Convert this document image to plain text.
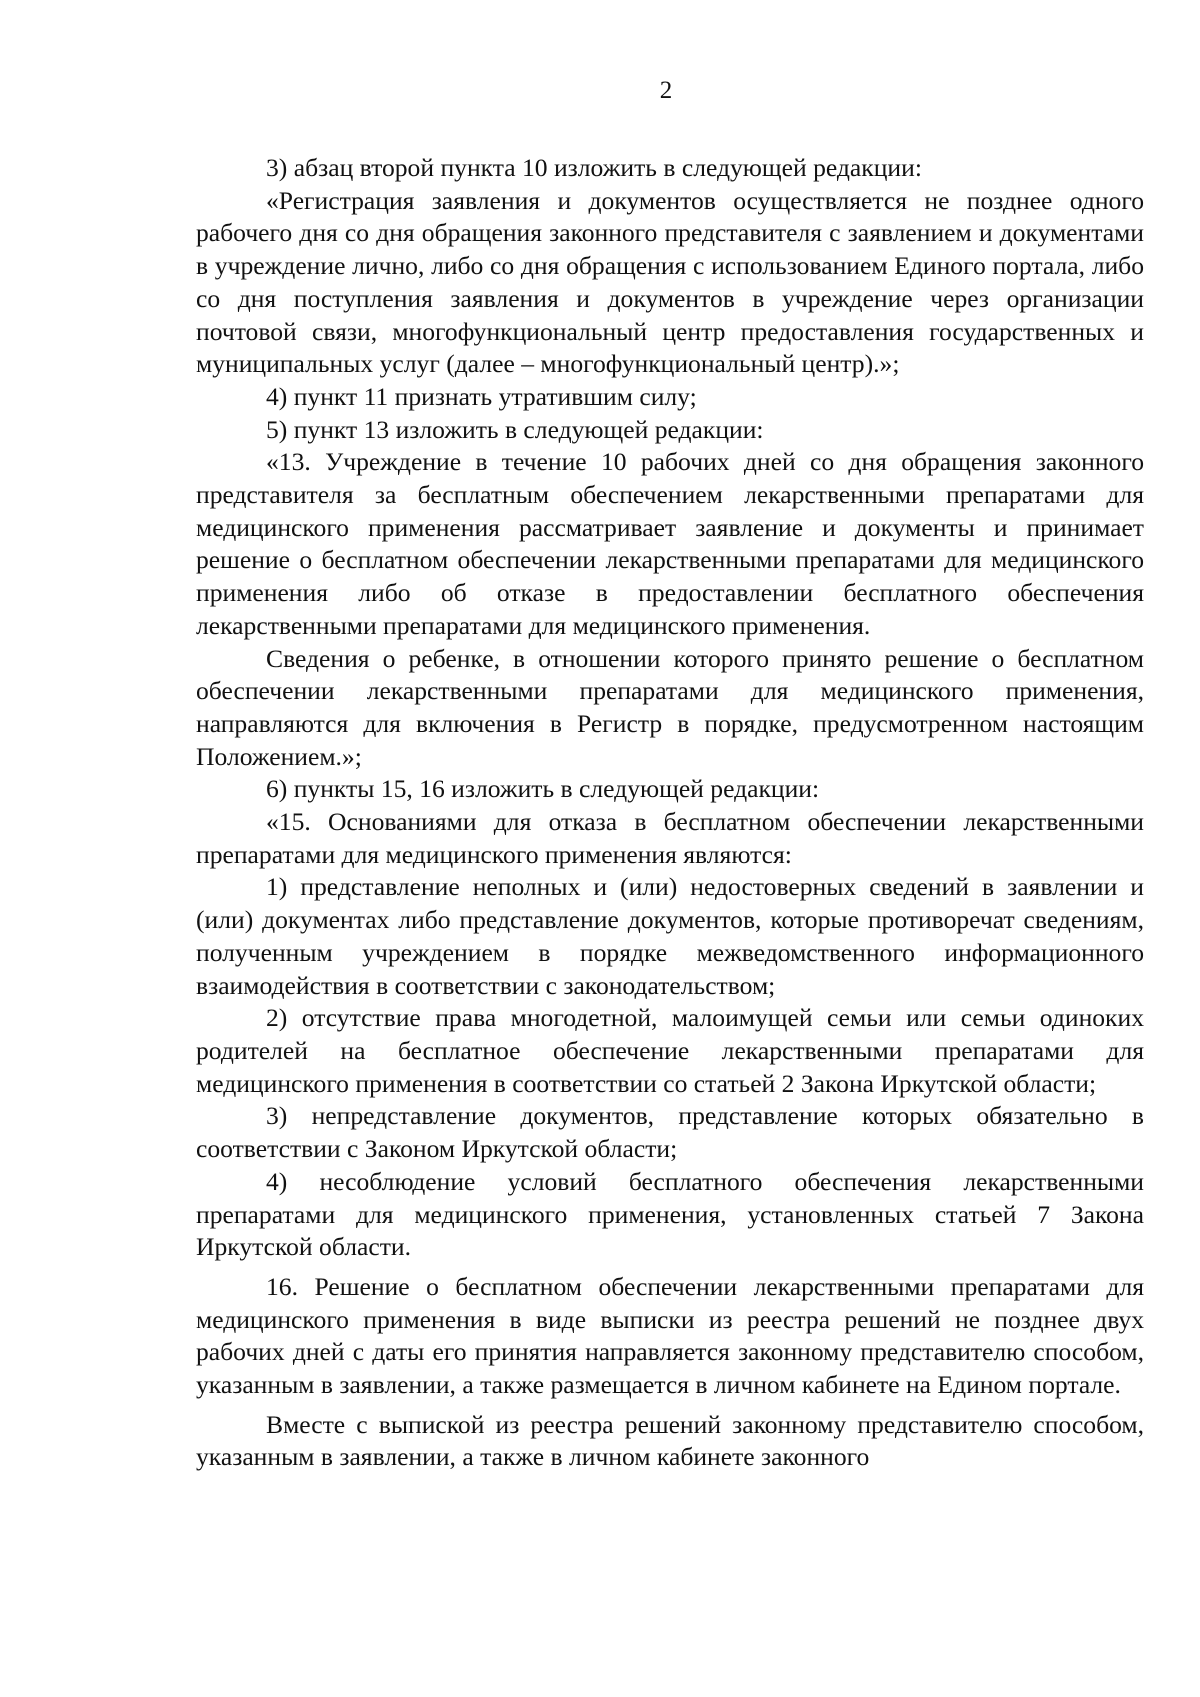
2

3) абзац второй пункта 10 изложить в следующей редакции:

«Регистрация заявления и документов осуществляется не позднее одного рабочего дня со дня обращения законного представителя с заявлением и документами в учреждение лично, либо со дня обращения с использованием Единого портала, либо со дня поступления заявления и документов в учреждение через организации почтовой связи, многофункциональный центр предоставления государственных и муниципальных услуг (далее – многофункциональный центр).»;

4) пункт 11 признать утратившим силу;

5) пункт 13 изложить в следующей редакции:

«13. Учреждение в течение 10 рабочих дней со дня обращения законного представителя за бесплатным обеспечением лекарственными препаратами для медицинского применения рассматривает заявление и документы и принимает решение о бесплатном обеспечении лекарственными препаратами для медицинского применения либо об отказе в предоставлении бесплатного обеспечения лекарственными препаратами для медицинского применения.

Сведения о ребенке, в отношении которого принято решение о бесплатном обеспечении лекарственными препаратами для медицинского применения, направляются для включения в Регистр в порядке, предусмотренном настоящим Положением.»;

6) пункты 15, 16 изложить в следующей редакции:

«15. Основаниями для отказа в бесплатном обеспечении лекарственными препаратами для медицинского применения являются:

1) представление неполных и (или) недостоверных сведений в заявлении и (или) документах либо представление документов, которые противоречат сведениям, полученным учреждением в порядке межведомственного информационного взаимодействия в соответствии с законодательством;

2) отсутствие права многодетной, малоимущей семьи или семьи одиноких родителей на бесплатное обеспечение лекарственными препаратами для медицинского применения в соответствии со статьей 2 Закона Иркутской области;

3) непредставление документов, представление которых обязательно в соответствии с Законом Иркутской области;

4) несоблюдение условий бесплатного обеспечения лекарственными препаратами для медицинского применения, установленных статьей 7 Закона Иркутской области.

16. Решение о бесплатном обеспечении лекарственными препаратами для медицинского применения в виде выписки из реестра решений не позднее двух рабочих дней с даты его принятия направляется законному представителю способом, указанным в заявлении, а также размещается в личном кабинете на Едином портале.

Вместе с выпиской из реестра решений законному представителю способом, указанным в заявлении, а также в личном кабинете законного
